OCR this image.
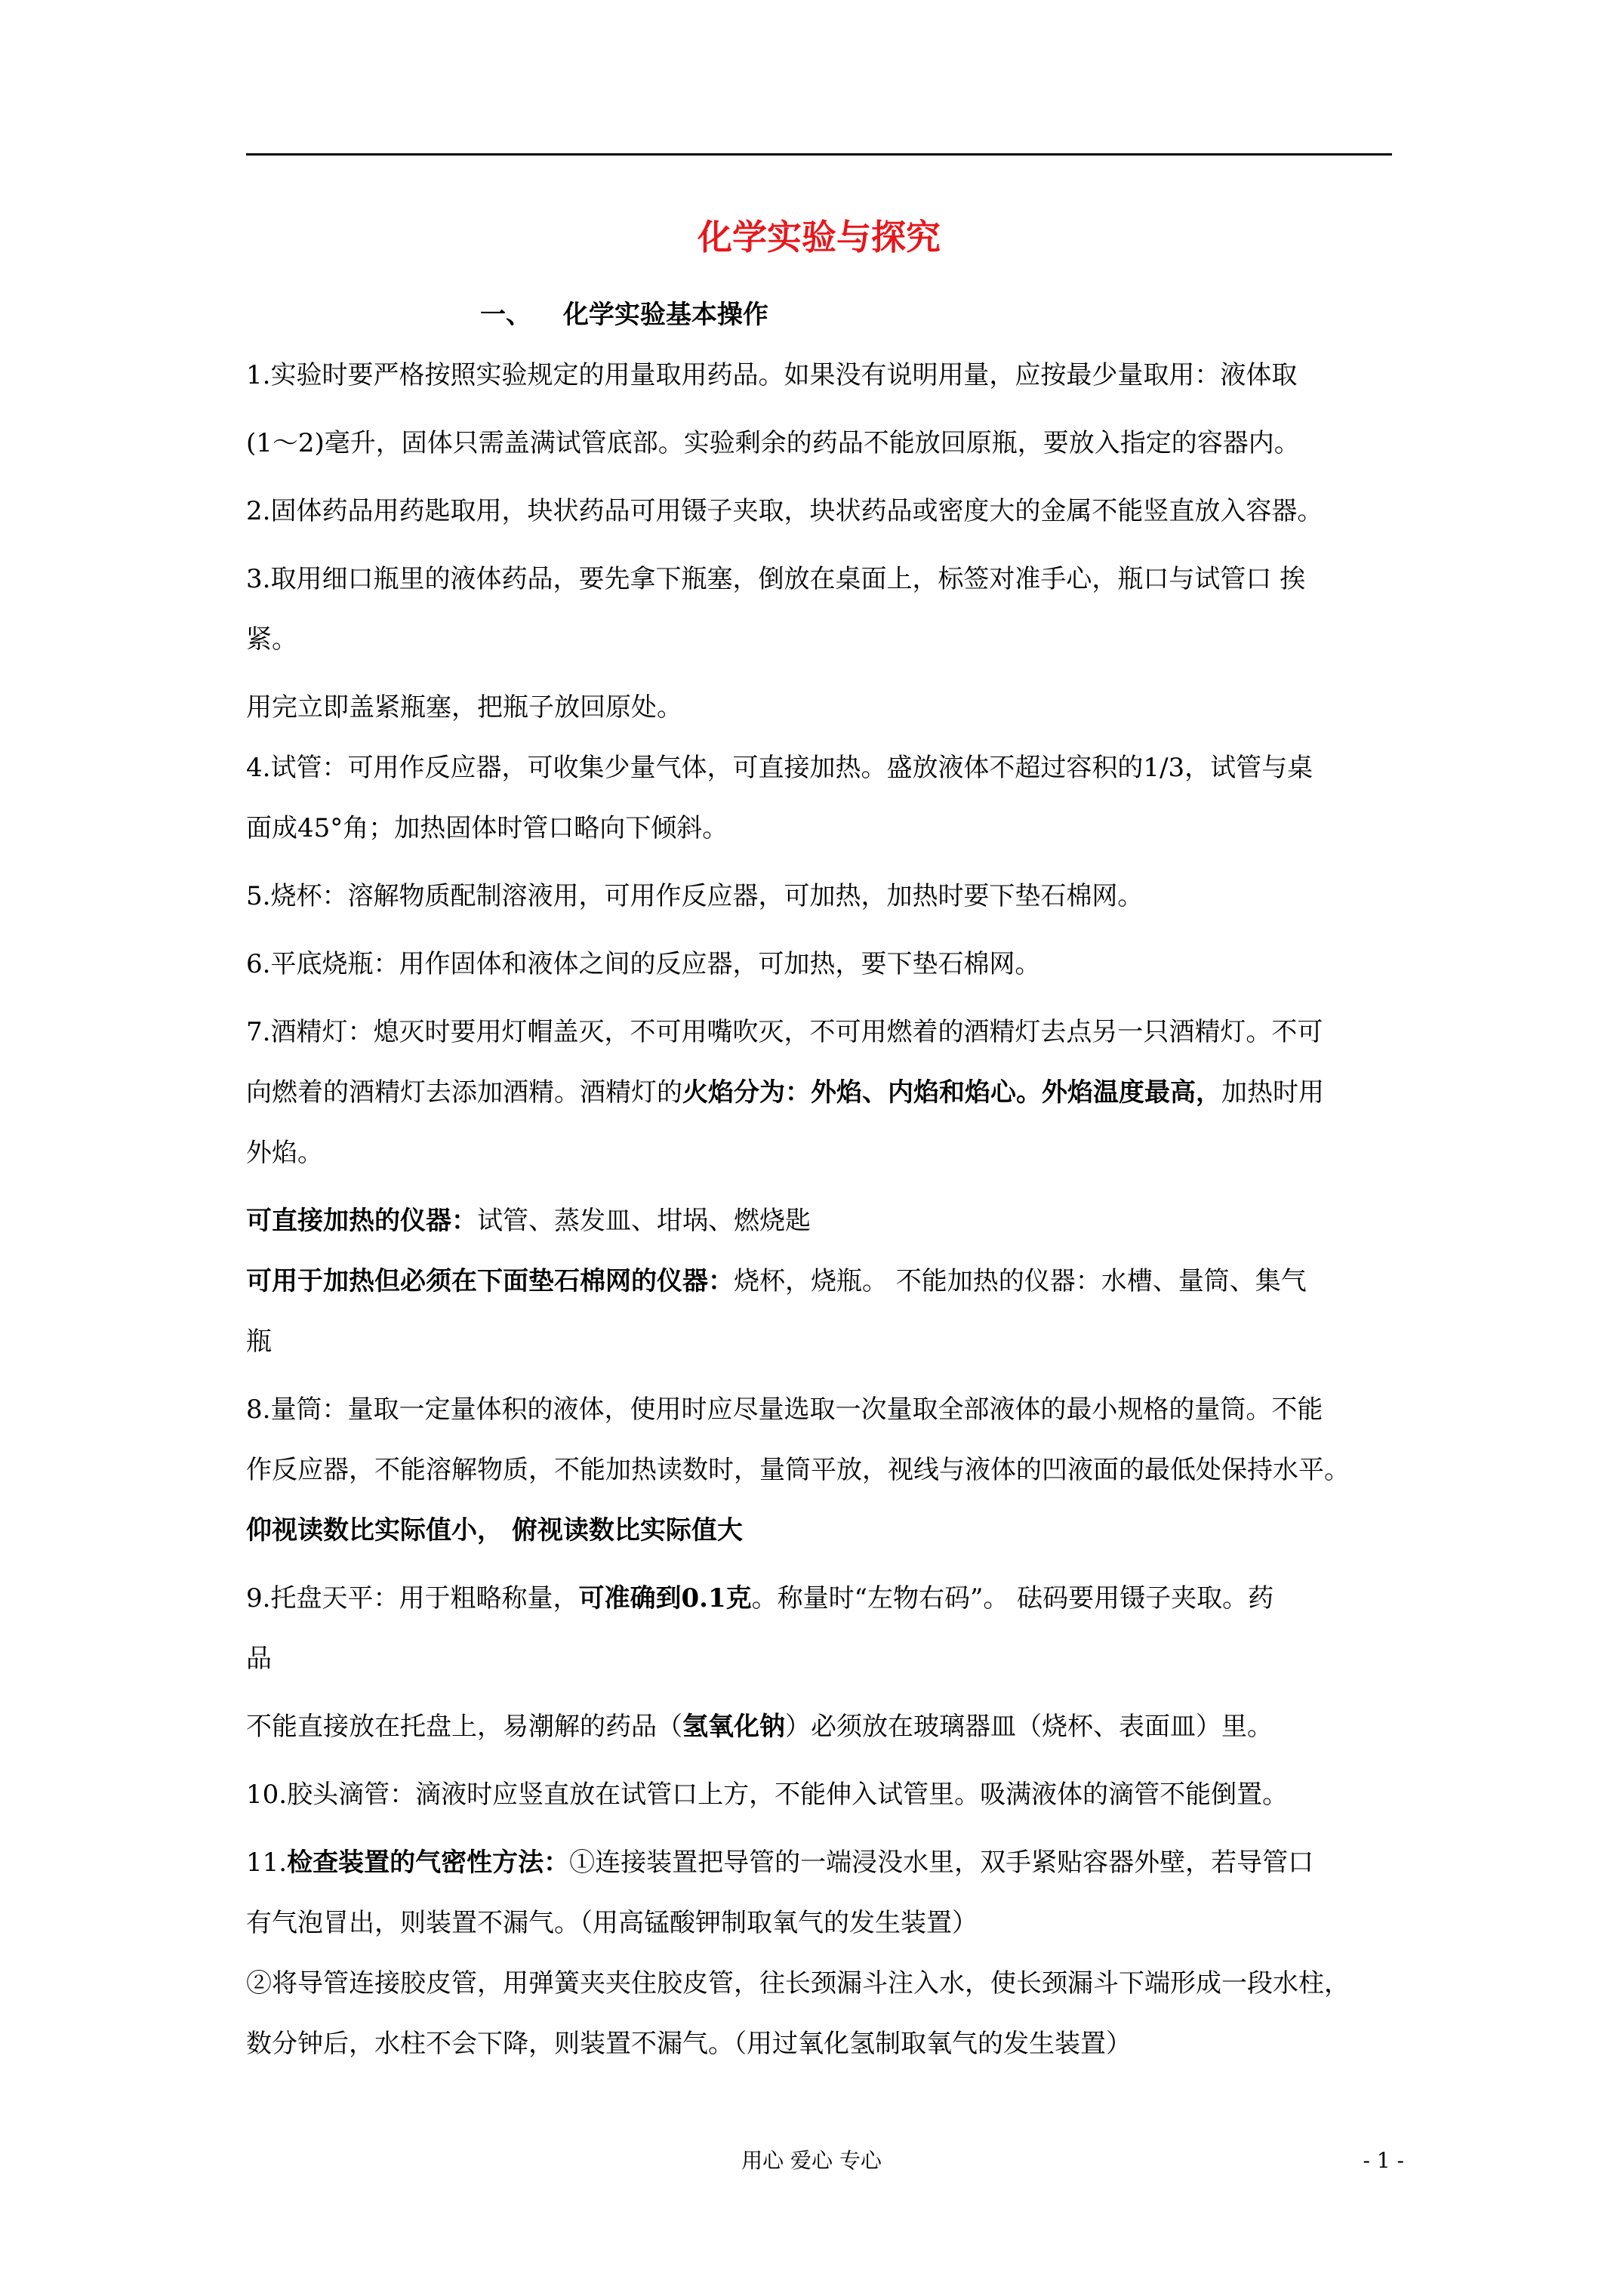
化学实验与探究
一、 化学实验基本操作
1.实验时要严格按照实验规定的用量取用药品。如果没有说明用量，应按最少量取用：液体取
(1～2)毫升，固体只需盖满试管底部。实验剩余的药品不能放回原瓶，要放入指定的容器内。
2.固体药品用药匙取用，块状药品可用镊子夹取，块状药品或密度大的金属不能竖直放入容器。
3.取用细口瓶里的液体药品，要先拿下瓶塞，倒放在桌面上，标签对准手心，瓶口与试管口 挨
紧。
用完立即盖紧瓶塞，把瓶子放回原处。
4.试管：可用作反应器，可收集少量气体，可直接加热。盛放液体不超过容积的1/3，试管与桌
面成45°角；加热固体时管口略向下倾斜。
5.烧杯：溶解物质配制溶液用，可用作反应器，可加热，加热时要下垫石棉网。
6.平底烧瓶：用作固体和液体之间的反应器，可加热，要下垫石棉网。
7.酒精灯：熄灭时要用灯帽盖灭，不可用嘴吹灭，不可用燃着的酒精灯去点另一只酒精灯。不可
向燃着的酒精灯去添加酒精。酒精灯的火焰分为：外焰、内焰和焰心。外焰温度最高，加热时用
外焰。
可直接加热的仪器：试管、蒸发皿、坩埚、燃烧匙
可用于加热但必须在下面垫石棉网的仪器：烧杯，烧瓶。 不能加热的仪器：水槽、量筒、集气
瓶
8.量筒：量取一定量体积的液体，使用时应尽量选取一次量取全部液体的最小规格的量筒。不能
作反应器，不能溶解物质，不能加热读数时，量筒平放，视线与液体的凹液面的最低处保持水平。
仰视读数比实际值小， 俯视读数比实际值大
9.托盘天平：用于粗略称量，可准确到0.1克。称量时“左物右码”。 砝码要用镊子夹取。药
品
不能直接放在托盘上，易潮解的药品（氢氧化钠）必须放在玻璃器皿（烧杯、表面皿）里。
10.胶头滴管：滴液时应竖直放在试管口上方，不能伸入试管里。吸满液体的滴管不能倒置。
11.检查装置的气密性方法：①连接装置把导管的一端浸没水里，双手紧贴容器外壁，若导管口
有气泡冒出，则装置不漏气。（用高锰酸钾制取氧气的发生装置）
②将导管连接胶皮管，用弹簧夹夹住胶皮管，往长颈漏斗注入水，使长颈漏斗下端形成一段水柱，
数分钟后，水柱不会下降，则装置不漏气。（用过氧化氢制取氧气的发生装置）
用心 爱心 专心	- 1 -
